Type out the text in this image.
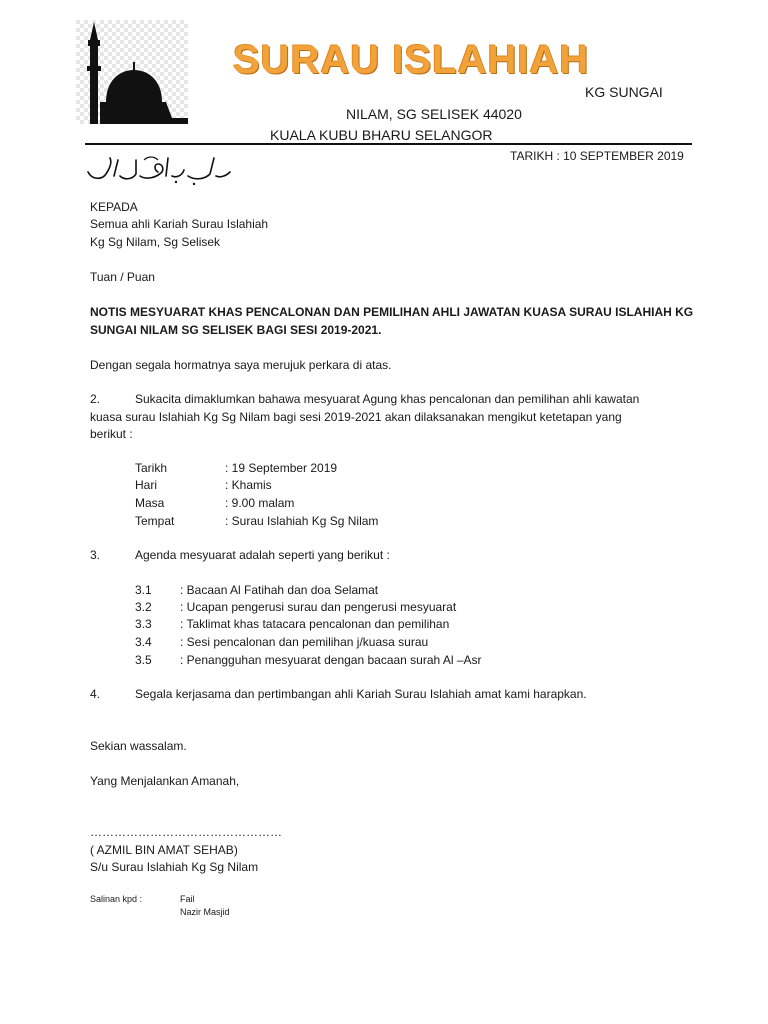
SURAU ISLAHIAH
KG SUNGAI
NILAM, SG SELISEK 44020
KUALA KUBU BHARU SELANGOR
TARIKH : 10 SEPTEMBER 2019
KEPADA
Semua ahli Kariah Surau Islahiah
Kg Sg Nilam, Sg Selisek
Tuan / Puan
NOTIS MESYUARAT KHAS PENCALONAN DAN PEMILIHAN AHLI JAWATAN KUASA SURAU ISLAHIAH KG
SUNGAI NILAM SG SELISEK BAGI SESI 2019-2021.
Dengan segala hormatnya saya merujuk perkara di atas.
2.	Sukacita dimaklumkan bahawa mesyuarat Agung khas pencalonan dan pemilihan ahli kawatan
kuasa surau Islahiah Kg Sg Nilam bagi sesi 2019-2021 akan dilaksanakan mengikut ketetapan yang
berikut :
Tarikh	: 19 September 2019
Hari	: Khamis
Masa	: 9.00 malam
Tempat	: Surau Islahiah Kg Sg Nilam
3.	Agenda mesyuarat adalah seperti yang berikut :
3.1 : Bacaan Al Fatihah dan doa Selamat
3.2 : Ucapan pengerusi surau dan pengerusi mesyuarat
3.3 : Taklimat khas tatacara pencalonan dan pemilihan
3.4 : Sesi pencalonan dan pemilihan j/kuasa surau
3.5 : Penangguhan mesyuarat dengan bacaan surah Al –Asr
4.	Segala kerjasama dan pertimbangan ahli Kariah Surau Islahiah amat kami harapkan.
Sekian wassalam.
Yang Menjalankan Amanah,
…………………………………………
( AZMIL BIN AMAT SEHAB)
S/u Surau Islahiah Kg Sg Nilam
Salinan kpd :	Fail
Nazir Masjid
